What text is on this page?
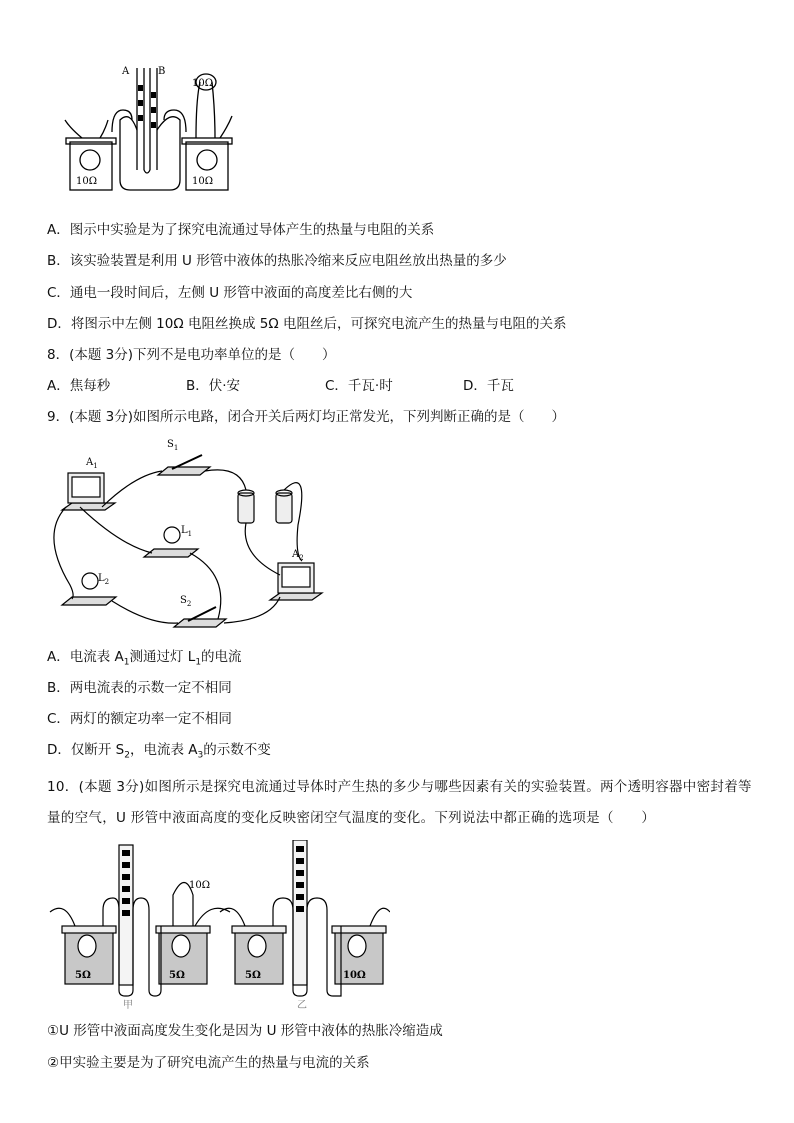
A	B
10Ω
10Ω	10Ω
A．图示中实验是为了探究电流通过导体产生的热量与电阻的关系
B．该实验装置是利用 U 形管中液体的热胀冷缩来反应电阻丝放出热量的多少
C．通电一段时间后，左侧 U 形管中液面的高度差比右侧的大
D．将图示中左侧 10Ω 电阻丝换成 5Ω 电阻丝后，可探究电流产生的热量与电阻的关系
8．(本题 3分)下列不是电功率单位的是（　　）
A．焦每秒	B．伏·安	C．千瓦·时	D．千瓦
9．(本题 3分)如图所示电路，闭合开关后两灯均正常发光，下列判断正确的是（　　）
$A_1$
$S_1$
$L_1$
$L_2$
$S_2$
$A_2$
A．电流表 $A_1$测通过灯 $L_1$的电流
B．两电流表的示数一定不相同
C．两灯的额定功率一定不相同
D．仅断开 $S_2$，电流表 $A_3$的示数不变
10．(本题 3分)如图所示是探究电流通过导体时产生热的多少与哪些因素有关的实验装置。两个透明容器中密封着等量的空气，U 形管中液面高度的变化反映密闭空气温度的变化。下列说法中都正确的选项是（　　）
5Ω	5Ω
10Ω
甲
5Ω	10Ω
乙
①U 形管中液面高度发生变化是因为 U 形管中液体的热胀冷缩造成
②甲实验主要是为了研究电流产生的热量与电流的关系
